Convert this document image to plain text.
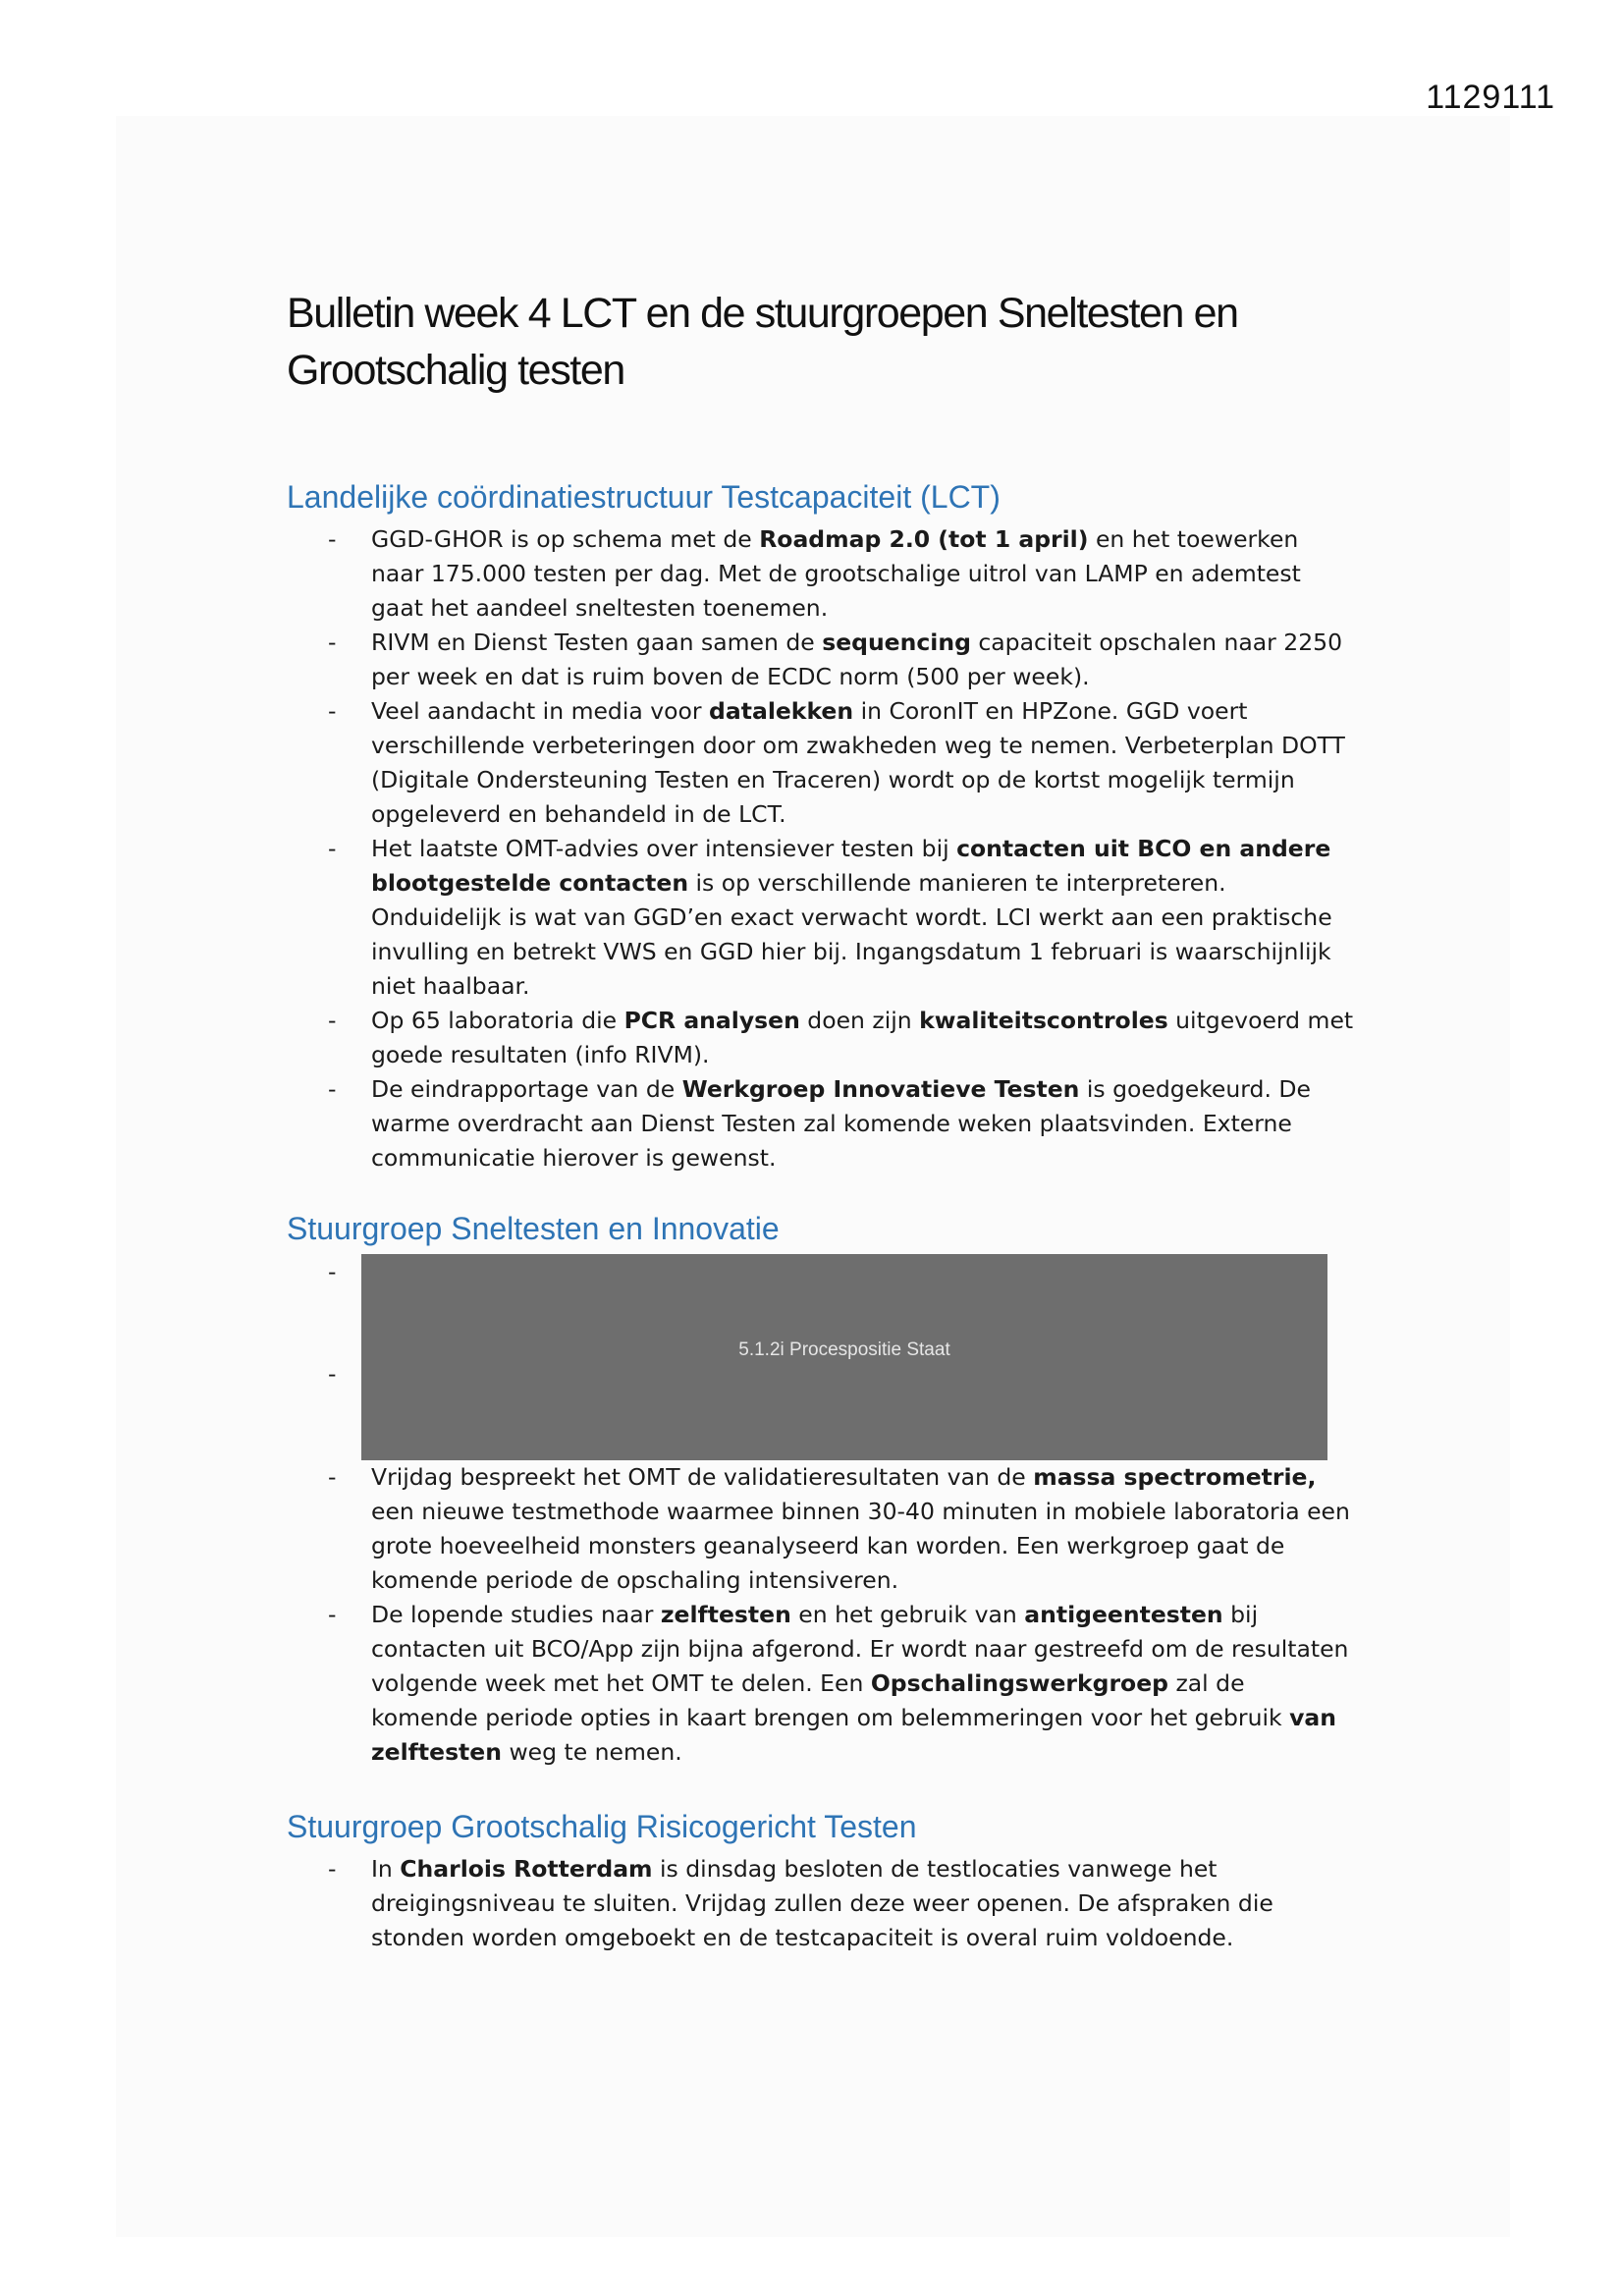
1129111
Bulletin week 4 LCT en de stuurgroepen Sneltesten en Grootschalig testen
Landelijke coördinatiestructuur Testcapaciteit (LCT)
- GGD-GHOR is op schema met de Roadmap 2.0 (tot 1 april) en het toewerken naar 175.000 testen per dag. Met de grootschalige uitrol van LAMP en ademtest gaat het aandeel sneltesten toenemen.
- RIVM en Dienst Testen gaan samen de sequencing capaciteit opschalen naar 2250 per week en dat is ruim boven de ECDC norm (500 per week).
- Veel aandacht in media voor datalekken in CoronIT en HPZone. GGD voert verschillende verbeteringen door om zwakheden weg te nemen. Verbeterplan DOTT (Digitale Ondersteuning Testen en Traceren) wordt op de kortst mogelijk termijn opgeleverd en behandeld in de LCT.
- Het laatste OMT-advies over intensiever testen bij contacten uit BCO en andere blootgestelde contacten is op verschillende manieren te interpreteren. Onduidelijk is wat van GGD’en exact verwacht wordt. LCI werkt aan een praktische invulling en betrekt VWS en GGD hier bij. Ingangsdatum 1 februari is waarschijnlijk niet haalbaar.
- Op 65 laboratoria die PCR analysen doen zijn kwaliteitscontroles uitgevoerd met goede resultaten (info RIVM).
- De eindrapportage van de Werkgroep Innovatieve Testen is goedgekeurd. De warme overdracht aan Dienst Testen zal komende weken plaatsvinden. Externe communicatie hierover is gewenst.
Stuurgroep Sneltesten en Innovatie
-
-
5.1.2i Procespositie Staat
- Vrijdag bespreekt het OMT de validatieresultaten van de massa spectrometrie, een nieuwe testmethode waarmee binnen 30-40 minuten in mobiele laboratoria een grote hoeveelheid monsters geanalyseerd kan worden. Een werkgroep gaat de komende periode de opschaling intensiveren.
- De lopende studies naar zelftesten en het gebruik van antigeentesten bij contacten uit BCO/App zijn bijna afgerond. Er wordt naar gestreefd om de resultaten volgende week met het OMT te delen. Een Opschalingswerkgroep zal de komende periode opties in kaart brengen om belemmeringen voor het gebruik van zelftesten weg te nemen.
Stuurgroep Grootschalig Risicogericht Testen
- In Charlois Rotterdam is dinsdag besloten de testlocaties vanwege het dreigingsniveau te sluiten. Vrijdag zullen deze weer openen. De afspraken die stonden worden omgeboekt en de testcapaciteit is overal ruim voldoende.
